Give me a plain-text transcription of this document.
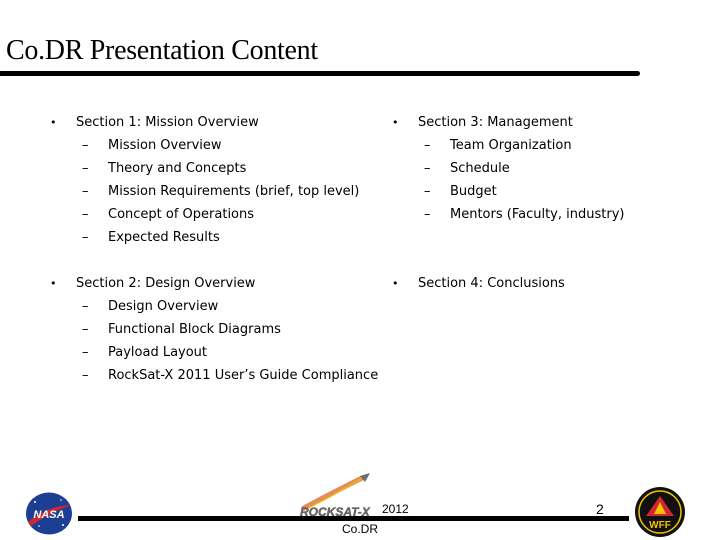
Co.DR Presentation Content
• Section 1: Mission Overview
– Mission Overview
– Theory and Concepts
– Mission Requirements (brief, top level)
– Concept of Operations
– Expected Results
• Section 2: Design Overview
– Design Overview
– Functional Block Diagrams
– Payload Layout
– RockSat-X 2011 User’s Guide Compliance
• Section 3: Management
– Team Organization
– Schedule
– Budget
– Mentors (Faculty, industry)
• Section 4: Conclusions
NASA	ROCKSAT-X 2012	2
Co.DR	WFF
